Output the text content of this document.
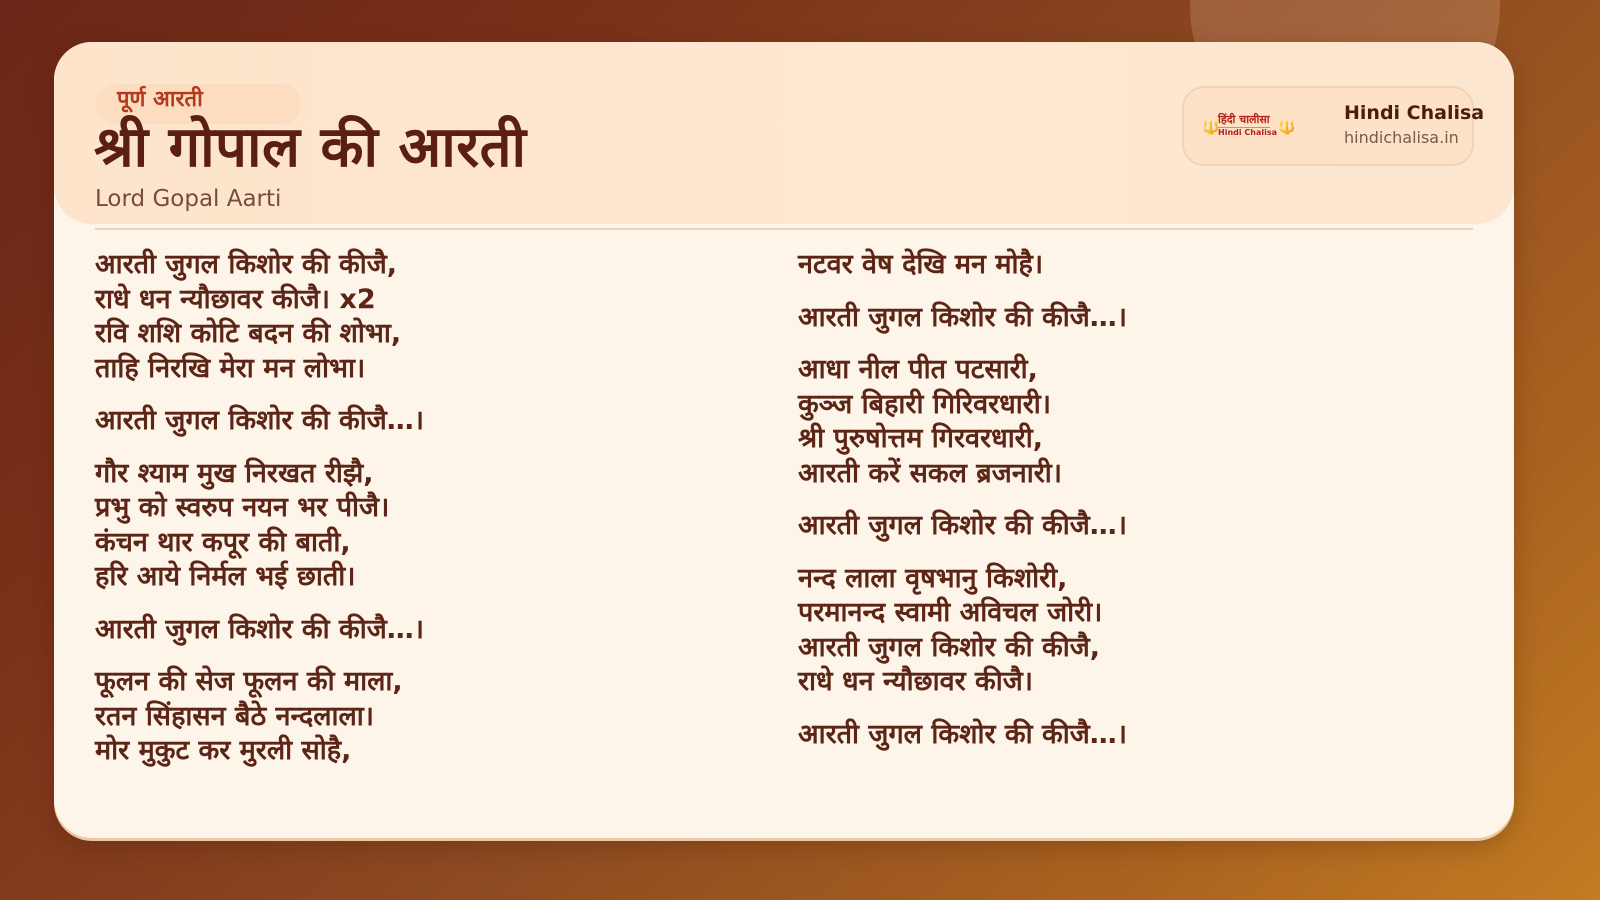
पूर्ण आरती
श्री गोपाल की आरती
Lord Gopal Aarti
🔱
हिंदी चालीसा
Hindi Chalisa 🔱
Hindi Chalisa
hindichalisa.in
आरती जुगल किशोर की कीजै,
राधे धन न्यौछावर कीजै। x2
रवि शशि कोटि बदन की शोभा,
ताहि निरखि मेरा मन लोभा।
आरती जुगल किशोर की कीजै…।
गौर श्याम मुख निरखत रीझै,
प्रभु को स्वरुप नयन भर पीजै।
कंचन थार कपूर की बाती,
हरि आये निर्मल भई छाती।
आरती जुगल किशोर की कीजै…।
फूलन की सेज फूलन की माला,
रतन सिंहासन बैठे नन्दलाला।
मोर मुकुट कर मुरली सोहै,
नटवर वेष देखि मन मोहै।
आरती जुगल किशोर की कीजै…।
आधा नील पीत पटसारी,
कुञ्ज बिहारी गिरिवरधारी।
श्री पुरुषोत्तम गिरवरधारी,
आरती करें सकल ब्रजनारी।
आरती जुगल किशोर की कीजै…।
नन्द लाला वृषभानु किशोरी,
परमानन्द स्वामी अविचल जोरी।
आरती जुगल किशोर की कीजै,
राधे धन न्यौछावर कीजै।
आरती जुगल किशोर की कीजै…।
